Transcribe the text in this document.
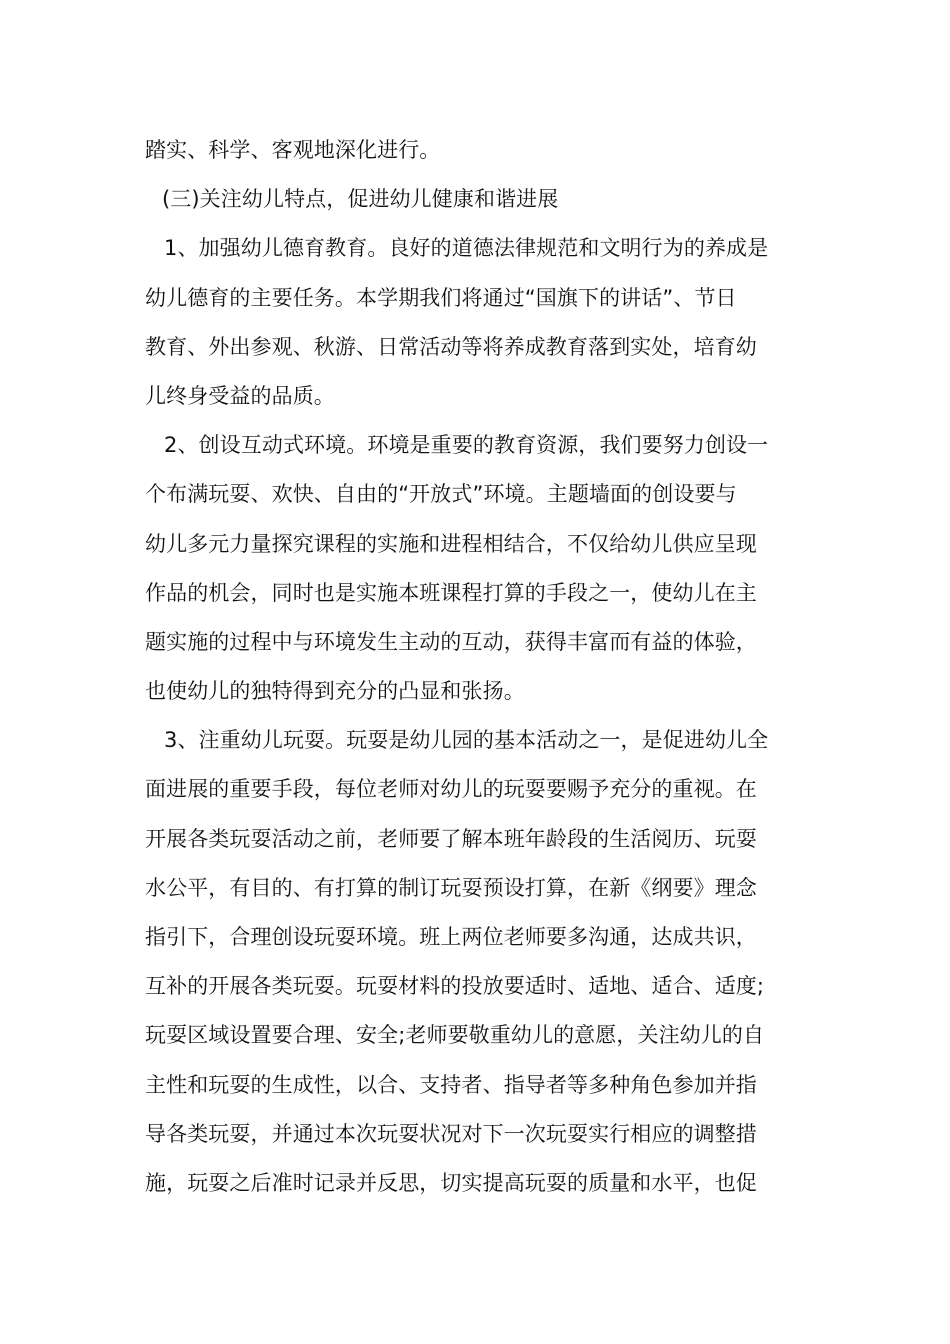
踏实、科学、客观地深化进行。
(三)关注幼儿特点，促进幼儿健康和谐进展
1、加强幼儿德育教育。良好的道德法律规范和文明行为的养成是
幼儿德育的主要任务。本学期我们将通过“国旗下的讲话”、节日
教育、外出参观、秋游、日常活动等将养成教育落到实处，培育幼
儿终身受益的品质。
2、创设互动式环境。环境是重要的教育资源，我们要努力创设一
个布满玩耍、欢快、自由的“开放式”环境。主题墙面的创设要与
幼儿多元力量探究课程的实施和进程相结合，不仅给幼儿供应呈现
作品的机会，同时也是实施本班课程打算的手段之一，使幼儿在主
题实施的过程中与环境发生主动的互动，获得丰富而有益的体验，
也使幼儿的独特得到充分的凸显和张扬。
3、注重幼儿玩耍。玩耍是幼儿园的基本活动之一，是促进幼儿全
面进展的重要手段，每位老师对幼儿的玩耍要赐予充分的重视。在
开展各类玩耍活动之前，老师要了解本班年龄段的生活阅历、玩耍
水公平，有目的、有打算的制订玩耍预设打算，在新《纲要》理念
指引下，合理创设玩耍环境。班上两位老师要多沟通，达成共识，
互补的开展各类玩耍。玩耍材料的投放要适时、适地、适合、适度;
玩耍区域设置要合理、安全;老师要敬重幼儿的意愿，关注幼儿的自
主性和玩耍的生成性，以合、支持者、指导者等多种角色参加并指
导各类玩耍，并通过本次玩耍状况对下一次玩耍实行相应的调整措
施，玩耍之后准时记录并反思，切实提高玩耍的质量和水平，也促
